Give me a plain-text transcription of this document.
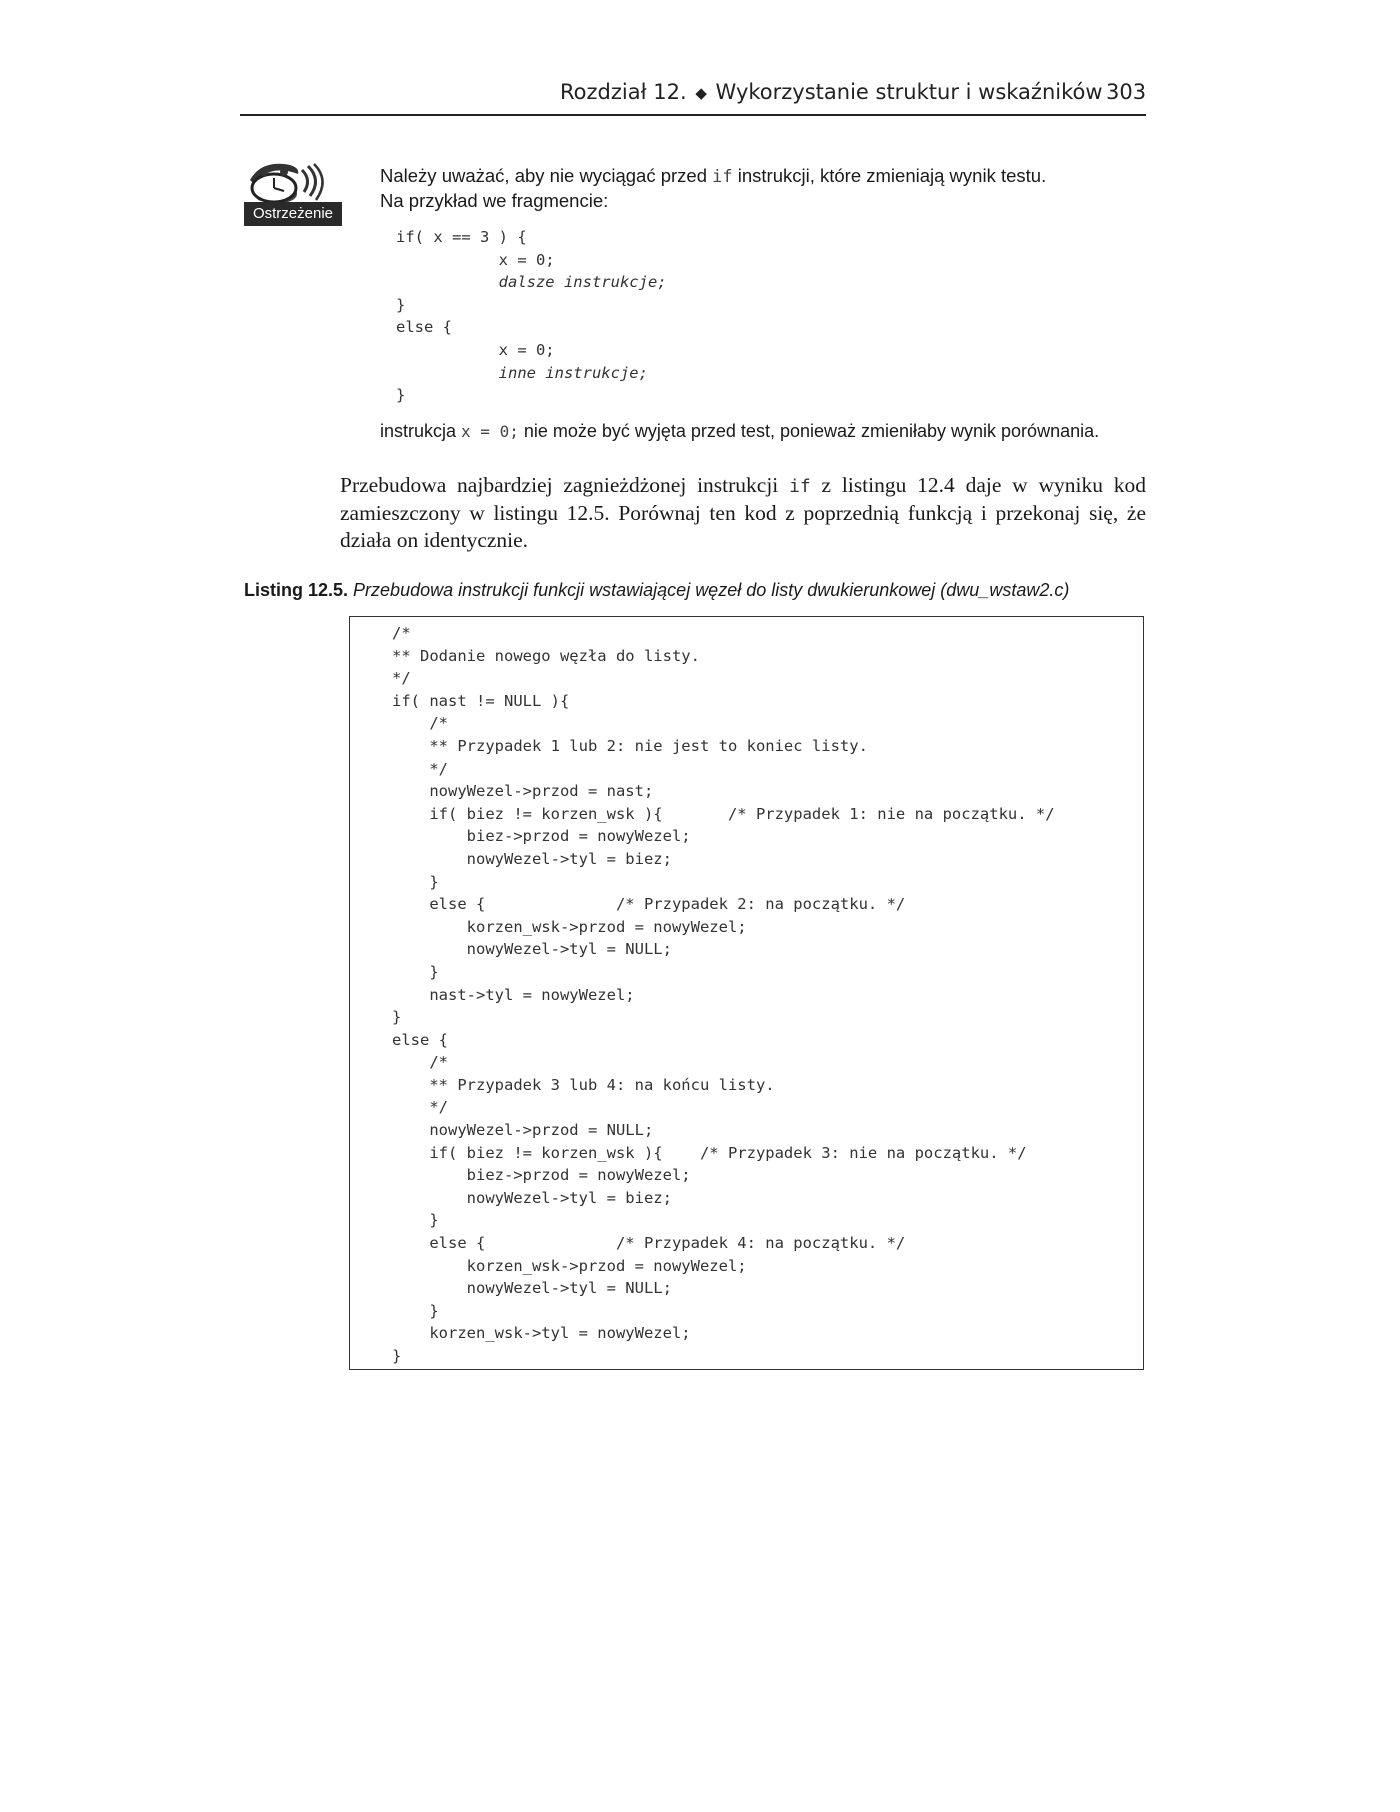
Rozdział 12. ◆ Wykorzystanie struktur i wskaźników 303
Ostrzeżenie
Należy uważać, aby nie wyciągać przed if instrukcji, które zmieniają wynik testu.
Na przykład we fragmencie:
if( x == 3 ) {
x = 0;
dalsze instrukcje;
}
else {
x = 0;
inne instrukcje;
}
instrukcja x = 0; nie może być wyjęta przed test, ponieważ zmieniłaby wynik porównania.
Przebudowa najbardziej zagnieżdżonej instrukcji if z listingu 12.4 daje w wyniku kod zamieszczony w listingu 12.5. Porównaj ten kod z poprzednią funkcją i przekonaj się, że działa on identycznie.
Listing 12.5. Przebudowa instrukcji funkcji wstawiającej węzeł do listy dwukierunkowej (dwu_wstaw2.c)
/*
** Dodanie nowego węzła do listy.
*/
if( nast != NULL ){
/*
** Przypadek 1 lub 2: nie jest to koniec listy.
*/
nowyWezel->przod = nast;
if( biez != korzen_wsk ){       /* Przypadek 1: nie na początku. */
biez->przod = nowyWezel;
nowyWezel->tyl = biez;
}
else {              /* Przypadek 2: na początku. */
korzen_wsk->przod = nowyWezel;
nowyWezel->tyl = NULL;
}
nast->tyl = nowyWezel;
}
else {
/*
** Przypadek 3 lub 4: na końcu listy.
*/
nowyWezel->przod = NULL;
if( biez != korzen_wsk ){    /* Przypadek 3: nie na początku. */
biez->przod = nowyWezel;
nowyWezel->tyl = biez;
}
else {              /* Przypadek 4: na początku. */
korzen_wsk->przod = nowyWezel;
nowyWezel->tyl = NULL;
}
korzen_wsk->tyl = nowyWezel;
}
